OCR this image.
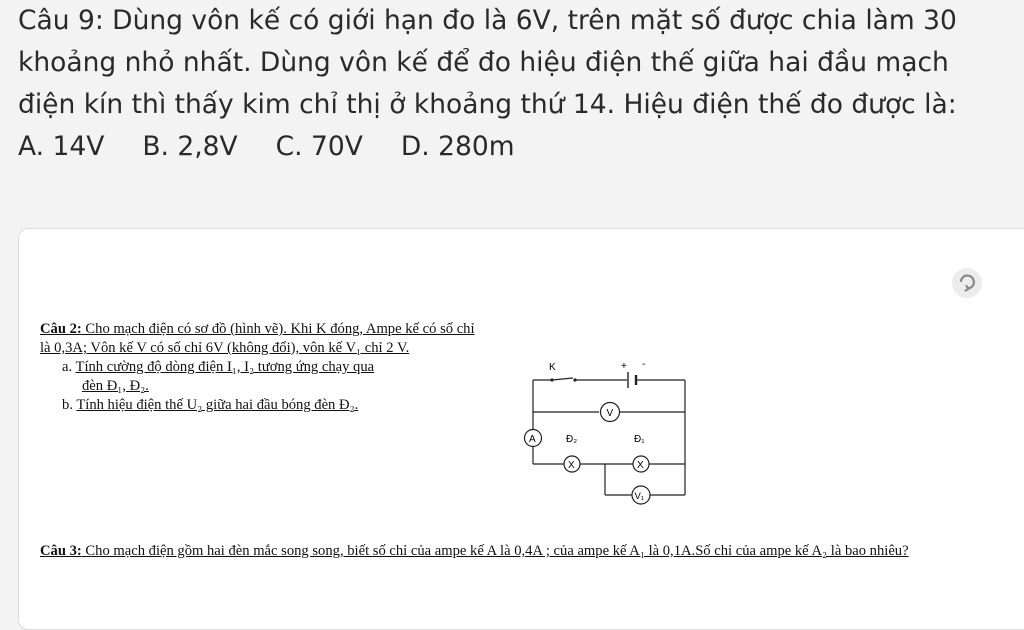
Câu 9: Dùng vôn kế có giới hạn đo là 6V, trên mặt số được chia làm 30
khoảng nhỏ nhất. Dùng vôn kế để đo hiệu điện thế giữa hai đầu mạch
điện kín thì thấy kim chỉ thị ở khoảng thứ 14. Hiệu điện thế đo được là:
A. 14V B. 2,8V C. 70V D. 280m
Câu 2: Cho mạch điện có sơ đồ (hình vẽ). Khi K đóng, Ampe kế có số chỉ là 0,3A; Vôn kế V có số chỉ 6V (không đổi), vôn kế V₁ chỉ 2 V.
a. Tính cường độ dòng điện I₁, I₂ tương ứng chạy qua
đèn Đ₁, Đ₂.
b. Tính hiệu điện thế U₂ giữa hai đầu bóng đèn Đ₂.
K	+ -
V
A	Đ₂	Đ₁
X	X
V₁
Câu 3: Cho mạch điện gồm hai đèn mắc song song, biết số chỉ của ampe kế A là 0,4A ; của ampe kế A₁ là 0,1A.Số chỉ của ampe kế A₂ là bao nhiêu?
